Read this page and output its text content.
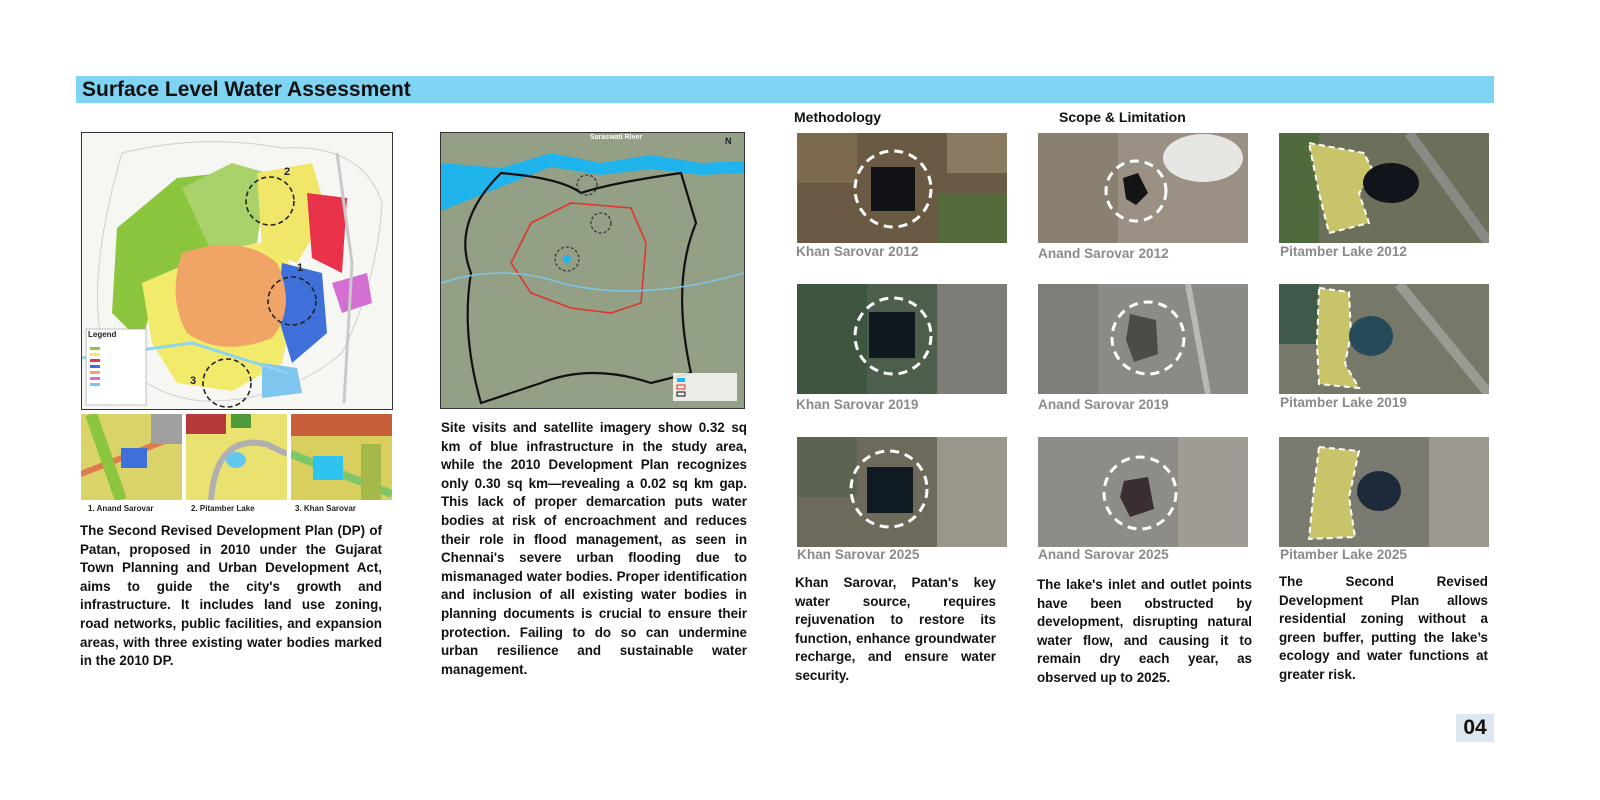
Surface Level Water Assessment
1
2
3
Legend
1. Anand Sarovar	2. Pitamber Lake	3. Khan Sarovar
The Second Revised Development Plan (DP) of Patan, proposed in 2010 under the Gujarat Town Planning and Urban Development Act, aims to guide the city's growth and infrastructure. It includes land use zoning, road networks, public facilities, and expansion areas, with three existing water bodies marked in the 2010 DP.
Saraswati River	N
Site visits and satellite imagery show 0.32 sq km of blue infrastructure in the study area, while the 2010 Development Plan recognizes only 0.30 sq km—revealing a 0.02 sq km gap. This lack of proper demarcation puts water bodies at risk of encroachment and reduces their role in flood management, as seen in Chennai's severe urban flooding due to mismanaged water bodies. Proper identification and inclusion of all existing water bodies in planning documents is crucial to ensure their protection. Failing to do so can undermine urban resilience and sustainable water management.
Methodology	Scope & Limitation
Khan Sarovar 2012
Khan Sarovar 2019
Khan Sarovar 2025
Khan Sarovar, Patan's key water source, requires rejuvenation to restore its function, enhance groundwater recharge, and ensure water security.
Anand Sarovar 2012
Anand Sarovar 2019
Anand Sarovar 2025
The lake's inlet and outlet points have been obstructed by development, disrupting natural water flow, and causing it to remain dry each year, as observed up to 2025.
Pitamber Lake 2012
Pitamber Lake 2019
Pitamber Lake 2025
The Second Revised Development Plan allows residential zoning without a green buffer, putting the lake’s ecology and water functions at greater risk.
04
